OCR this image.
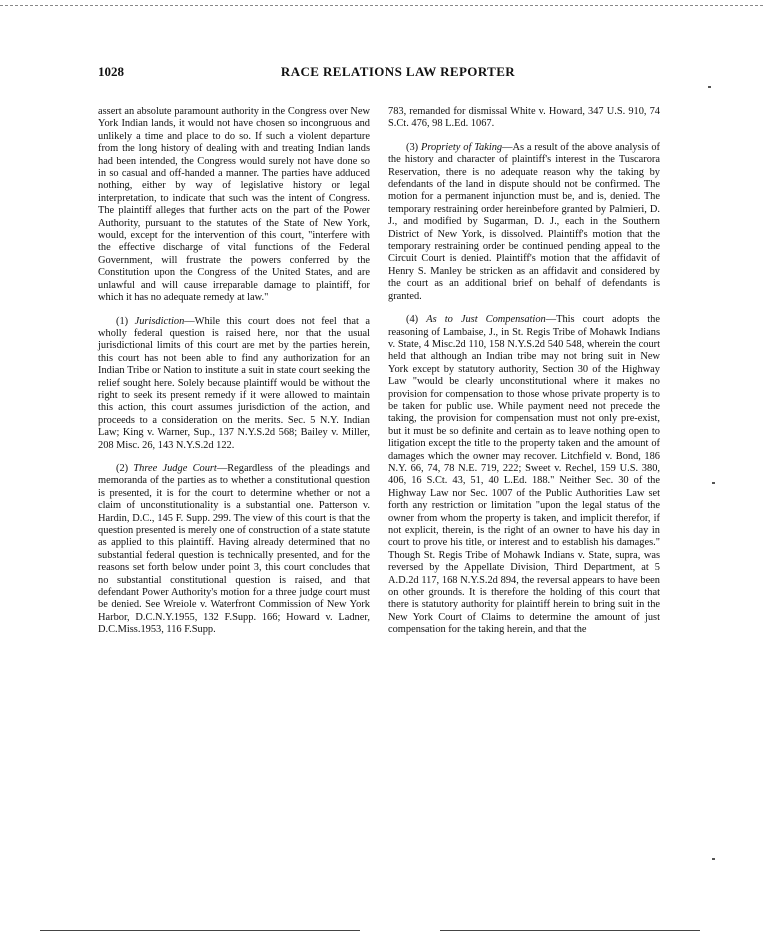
1028	RACE RELATIONS LAW REPORTER

assert an absolute paramount authority in the Congress over New York Indian lands, it would not have chosen so incongruous and unlikely a time and place to do so. If such a violent departure from the long history of dealing with and treating Indian lands had been intended, the Congress would surely not have done so in so casual and off-handed a manner. The parties have adduced nothing, either by way of legislative history or legal interpretation, to indicate that such was the intent of Congress. The plaintiff alleges that further acts on the part of the Power Authority, pursuant to the statutes of the State of New York, would, except for the intervention of this court, "interfere with the effective discharge of vital functions of the Federal Government, will frustrate the powers conferred by the Constitution upon the Congress of the United States, and are unlawful and will cause irreparable damage to plaintiff, for which it has no adequate remedy at law."

(1) Jurisdiction—While this court does not feel that a wholly federal question is raised here, nor that the usual jurisdictional limits of this court are met by the parties herein, this court has not been able to find any authorization for an Indian Tribe or Nation to institute a suit in state court seeking the relief sought here. Solely because plaintiff would be without the right to seek its present remedy if it were allowed to maintain this action, this court assumes jurisdiction of the action, and proceeds to a consideration on the merits. Sec. 5 N.Y. Indian Law; King v. Warner, Sup., 137 N.Y.S.2d 568; Bailey v. Miller, 208 Misc. 26, 143 N.Y.S.2d 122.

(2) Three Judge Court—Regardless of the pleadings and memoranda of the parties as to whether a constitutional question is presented, it is for the court to determine whether or not a claim of unconstitutionality is a substantial one. Patterson v. Hardin, D.C., 145 F. Supp. 299. The view of this court is that the question presented is merely one of construction of a state statute as applied to this plaintiff. Having already determined that no substantial federal question is technically presented, and for the reasons set forth below under point 3, this court concludes that no substantial constitutional question is raised, and that defendant Power Authority's motion for a three judge court must be denied. See Wreiole v. Waterfront Commission of New York Harbor, D.C.N.Y.1955, 132 F.Supp. 166; Howard v. Ladner, D.C.Miss.1953, 116 F.Supp.

783, remanded for dismissal White v. Howard, 347 U.S. 910, 74 S.Ct. 476, 98 L.Ed. 1067.

(3) Propriety of Taking—As a result of the above analysis of the history and character of plaintiff's interest in the Tuscarora Reservation, there is no adequate reason why the taking by defendants of the land in dispute should not be confirmed. The motion for a permanent injunction must be, and is, denied. The temporary restraining order hereinbefore granted by Palmieri, D. J., and modified by Sugarman, D. J., each in the Southern District of New York, is dissolved. Plaintiff's motion that the temporary restraining order be continued pending appeal to the Circuit Court is denied. Plaintiff's motion that the affidavit of Henry S. Manley be stricken as an affidavit and considered by the court as an additional brief on behalf of defendants is granted.

(4) As to Just Compensation—This court adopts the reasoning of Lambaise, J., in St. Regis Tribe of Mohawk Indians v. State, 4 Misc.2d 110, 158 N.Y.S.2d 540 548, wherein the court held that although an Indian tribe may not bring suit in New York except by statutory authority, Section 30 of the Highway Law "would be clearly unconstitutional where it makes no provision for compensation to those whose private property is to be taken for public use. While payment need not precede the taking, the provision for compensation must not only pre-exist, but it must be so definite and certain as to leave nothing open to litigation except the title to the property taken and the amount of damages which the owner may recover. Litchfield v. Bond, 186 N.Y. 66, 74, 78 N.E. 719, 222; Sweet v. Rechel, 159 U.S. 380, 406, 16 S.Ct. 43, 51, 40 L.Ed. 188." Neither Sec. 30 of the Highway Law nor Sec. 1007 of the Public Authorities Law set forth any restriction or limitation "upon the legal status of the owner from whom the property is taken, and implicit therefor, if not explicit, therein, is the right of an owner to have his day in court to prove his title, or interest and to establish his damages." Though St. Regis Tribe of Mohawk Indians v. State, supra, was reversed by the Appellate Division, Third Department, at 5 A.D.2d 117, 168 N.Y.S.2d 894, the reversal appears to have been on other grounds. It is therefore the holding of this court that there is statutory authority for plaintiff herein to bring suit in the New York Court of Claims to determine the amount of just compensation for the taking herein, and that the
